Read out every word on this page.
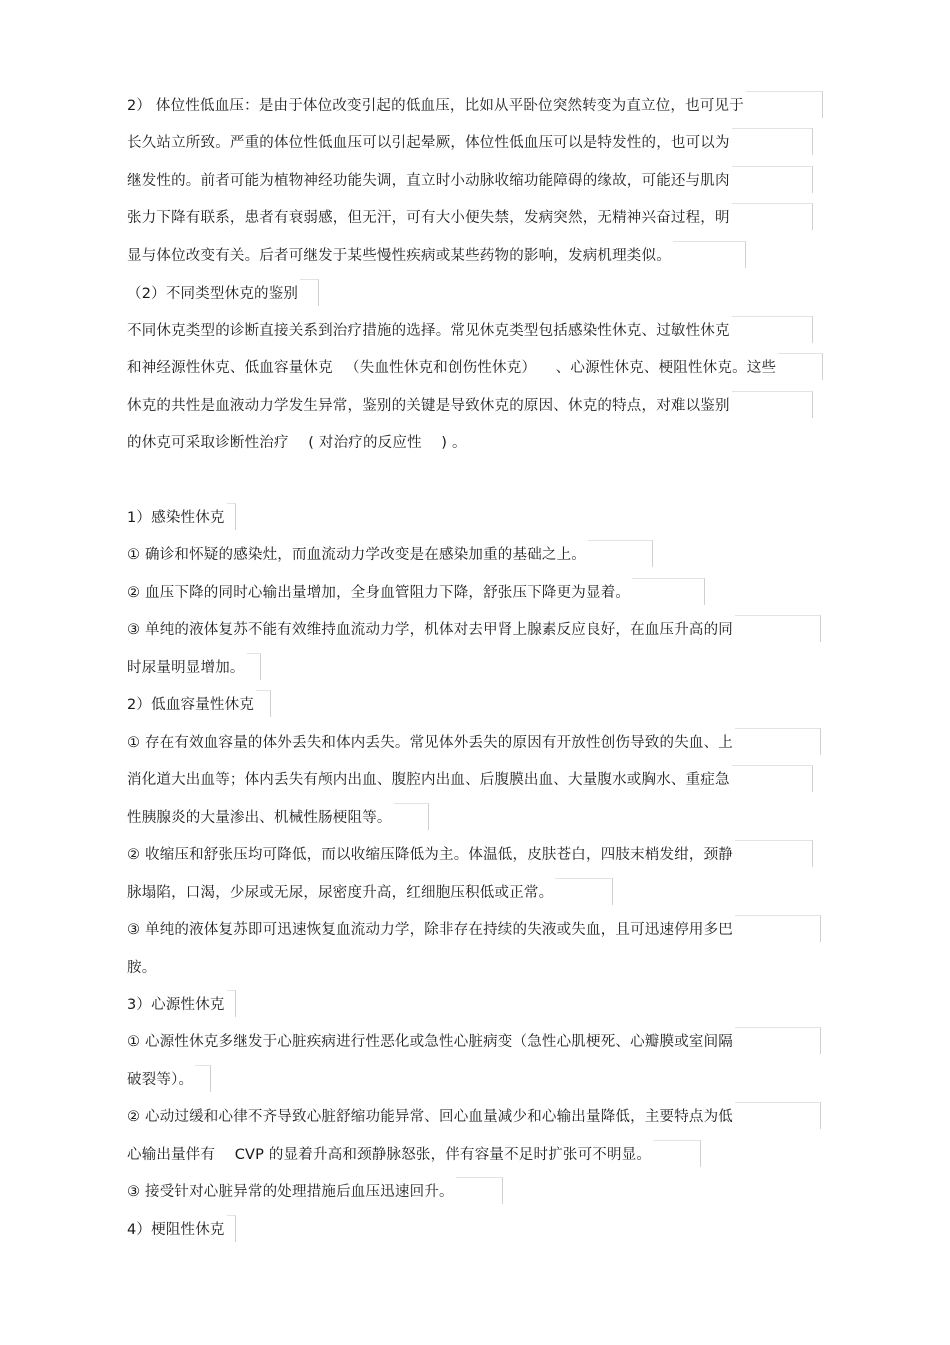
2） 体位性低血压：是由于体位改变引起的低血压，比如从平卧位突然转变为直立位，也可见于
长久站立所致。严重的体位性低血压可以引起晕厥，体位性低血压可以是特发性的，也可以为
继发性的。前者可能为植物神经功能失调，直立时小动脉收缩功能障碍的缘故，可能还与肌肉
张力下降有联系，患者有衰弱感，但无汗，可有大小便失禁，发病突然，无精神兴奋过程，明
显与体位改变有关。后者可继发于某些慢性疾病或某些药物的影响，发病机理类似。
（2）不同类型休克的鉴别
不同休克类型的诊断直接关系到治疗措施的选择。常见休克类型包括感染性休克、过敏性休克
和神经源性休克、低血容量休克 　（失血性休克和创伤性休克） 　、心源性休克、梗阻性休克。这些
休克的共性是血液动力学发生异常，鉴别的关键是导致休克的原因、休克的特点，对难以鉴别
的休克可采取诊断性治疗 　( 对治疗的反应性 　) 。
1）感染性休克
① 确诊和怀疑的感染灶，而血流动力学改变是在感染加重的基础之上。
② 血压下降的同时心输出量增加，全身血管阻力下降，舒张压下降更为显着。
③ 单纯的液体复苏不能有效维持血流动力学，机体对去甲肾上腺素反应良好，在血压升高的同
时尿量明显增加。
2）低血容量性休克
① 存在有效血容量的体外丢失和体内丢失。常见体外丢失的原因有开放性创伤导致的失血、上
消化道大出血等；体内丢失有颅内出血、腹腔内出血、后腹膜出血、大量腹水或胸水、重症急
性胰腺炎的大量渗出、机械性肠梗阻等。
② 收缩压和舒张压均可降低，而以收缩压降低为主。体温低，皮肤苍白，四肢末梢发绀，颈静
脉塌陷，口渴，少尿或无尿，尿密度升高，红细胞压积低或正常。
③ 单纯的液体复苏即可迅速恢复血流动力学，除非存在持续的失液或失血，且可迅速停用多巴
胺。
3）心源性休克
① 心源性休克多继发于心脏疾病进行性恶化或急性心脏病变（急性心肌梗死、心瓣膜或室间隔
破裂等）。
② 心动过缓和心律不齐导致心脏舒缩功能异常、回心血量减少和心输出量降低，主要特点为低
心输出量伴有 　CVP 的显着升高和颈静脉怒张，伴有容量不足时扩张可不明显。
③ 接受针对心脏异常的处理措施后血压迅速回升。
4）梗阻性休克
